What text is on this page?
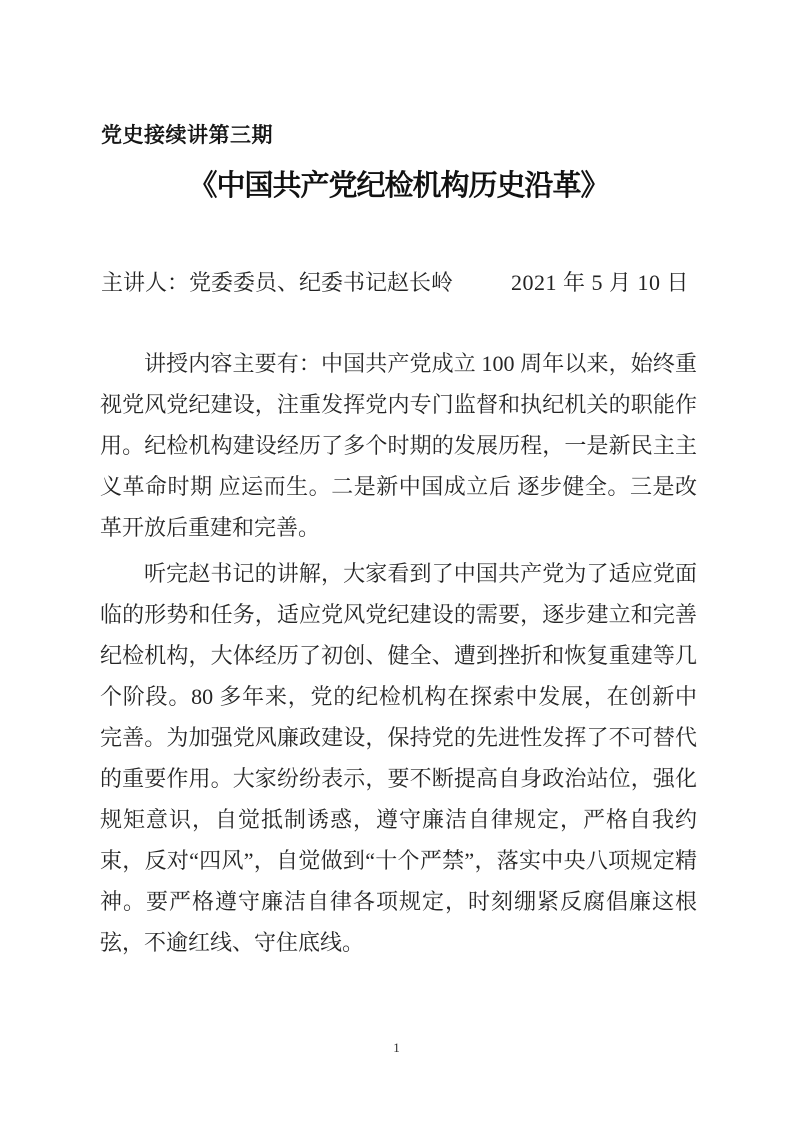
党史接续讲第三期
《中国共产党纪检机构历史沿革》
主讲人：党委委员、纪委书记赵长岭	2021 年 5 月 10 日

讲授内容主要有：中国共产党成立 100 周年以来，始终重视党风党纪建设，注重发挥党内专门监督和执纪机关的职能作用。纪检机构建设经历了多个时期的发展历程，一是新民主主义革命时期 应运而生。二是新中国成立后 逐步健全。三是改革开放后重建和完善。

听完赵书记的讲解，大家看到了中国共产党为了适应党面临的形势和任务，适应党风党纪建设的需要，逐步建立和完善纪检机构，大体经历了初创、健全、遭到挫折和恢复重建等几个阶段。80 多年来，党的纪检机构在探索中发展，在创新中完善。为加强党风廉政建设，保持党的先进性发挥了不可替代的重要作用。大家纷纷表示，要不断提高自身政治站位，强化规矩意识，自觉抵制诱惑，遵守廉洁自律规定，严格自我约束，反对“四风”，自觉做到“十个严禁”，落实中央八项规定精神。要严格遵守廉洁自律各项规定，时刻绷紧反腐倡廉这根弦，不逾红线、守住底线。

1
